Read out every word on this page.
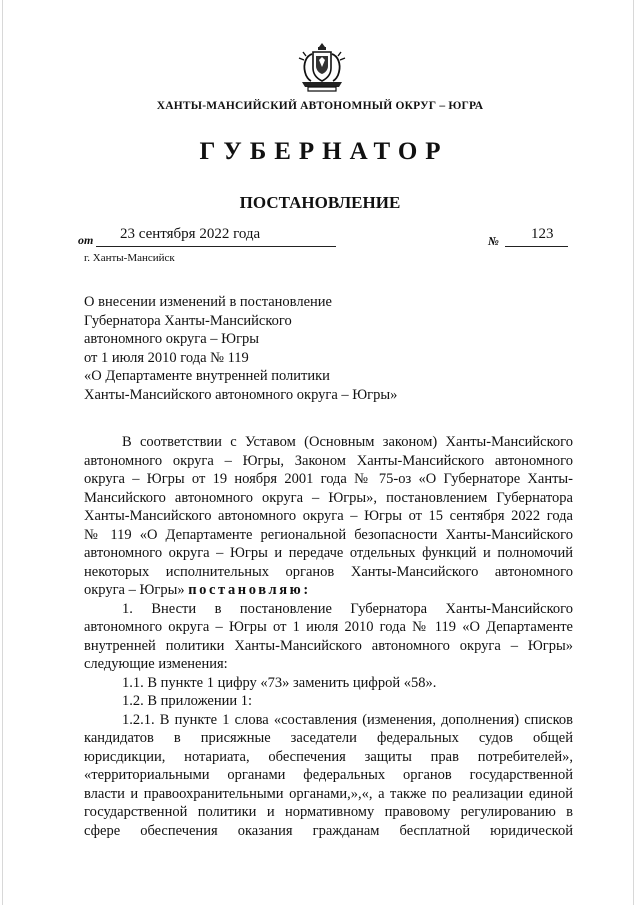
ХАНТЫ-МАНСИЙСКИЙ АВТОНОМНЫЙ ОКРУГ – ЮГРА
ГУБЕРНАТОР
ПОСТАНОВЛЕНИЕ
от 23 сентября 2022 года	№ 123
г. Ханты-Мансийск
О внесении изменений в постановление
Губернатора Ханты-Мансийского
автономного округа – Югры
от 1 июля 2010 года № 119
«О Департаменте внутренней политики
Ханты-Мансийского автономного округа – Югры»
В соответствии с Уставом (Основным законом) Ханты-Мансийского
автономного округа – Югры, Законом Ханты-Мансийского автономного
округа – Югры от 19 ноября 2001 года № 75-оз «О Губернаторе Ханты-
Мансийского автономного округа – Югры», постановлением Губернатора
Ханты-Мансийского автономного округа – Югры от 15 сентября 2022 года
№ 119 «О Департаменте региональной безопасности Ханты-Мансийского
автономного округа – Югры и передаче отдельных функций и полномочий
некоторых исполнительных органов Ханты-Мансийского автономного
округа – Югры» постановляю:
1. Внести в постановление Губернатора Ханты-Мансийского
автономного округа – Югры от 1 июля 2010 года № 119 «О Департаменте
внутренней политики Ханты-Мансийского автономного округа – Югры»
следующие изменения:
1.1. В пункте 1 цифру «73» заменить цифрой «58».
1.2. В приложении 1:
1.2.1. В пункте 1 слова «составления (изменения, дополнения) списков
кандидатов в присяжные заседатели федеральных судов общей
юрисдикции, нотариата, обеспечения защиты прав потребителей»,
«территориальными органами федеральных органов государственной
власти и правоохранительными органами,»,«, а также по реализации единой
государственной политики и нормативному правовому регулированию в
сфере обеспечения оказания гражданам бесплатной юридической
